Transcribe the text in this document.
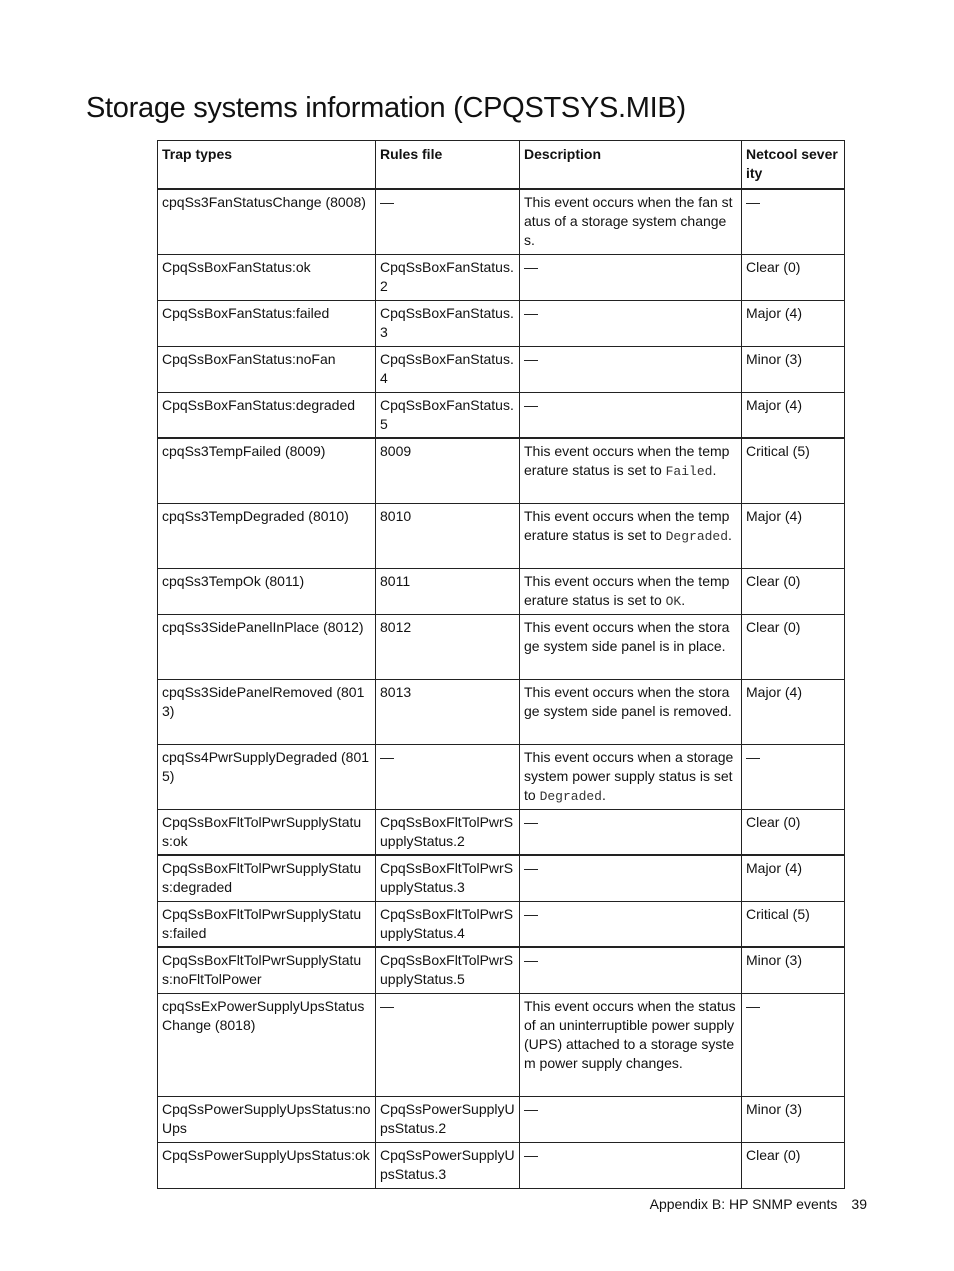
Storage systems information (CPQSTSYS.MIB)
Trap types	Rules file	Description	Netcool severity
cpqSs3FanStatusChange (8008)	—	This event occurs when the fan status of a storage system changes.	—
CpqSsBoxFanStatus:ok	CpqSsBoxFanStatus.2	—	Clear (0)
CpqSsBoxFanStatus:failed	CpqSsBoxFanStatus.3	—	Major (4)
CpqSsBoxFanStatus:noFan	CpqSsBoxFanStatus.4	—	Minor (3)
CpqSsBoxFanStatus:degraded	CpqSsBoxFanStatus.5	—	Major (4)
cpqSs3TempFailed (8009)	8009	This event occurs when the temperature status is set to Failed.	Critical (5)
cpqSs3TempDegraded (8010)	8010	This event occurs when the temperature status is set to Degraded.	Major (4)
cpqSs3TempOk (8011)	8011	This event occurs when the temperature status is set to OK.	Clear (0)
cpqSs3SidePanelInPlace (8012)	8012	This event occurs when the storage system side panel is in place.	Clear (0)
cpqSs3SidePanelRemoved (8013)	8013	This event occurs when the storage system side panel is removed.	Major (4)
cpqSs4PwrSupplyDegraded (8015)	—	This event occurs when a storage system power supply status is set to Degraded.	—
CpqSsBoxFltTolPwrSupplyStatus:ok	CpqSsBoxFltTolPwrSupplyStatus.2	—	Clear (0)
CpqSsBoxFltTolPwrSupplyStatus:degraded	CpqSsBoxFltTolPwrSupplyStatus.3	—	Major (4)
CpqSsBoxFltTolPwrSupplyStatus:failed	CpqSsBoxFltTolPwrSupplyStatus.4	—	Critical (5)
CpqSsBoxFltTolPwrSupplyStatus:noFltTolPower	CpqSsBoxFltTolPwrSupplyStatus.5	—	Minor (3)
cpqSsExPowerSupplyUpsStatusChange (8018)	—	This event occurs when the status of an uninterruptible power supply (UPS) attached to a storage system power supply changes.	—
CpqSsPowerSupplyUpsStatus:noUps	CpqSsPowerSupplyUpsStatus.2	—	Minor (3)
CpqSsPowerSupplyUpsStatus:ok	CpqSsPowerSupplyUpsStatus.3	—	Clear (0)
Appendix B: HP SNMP events 39
